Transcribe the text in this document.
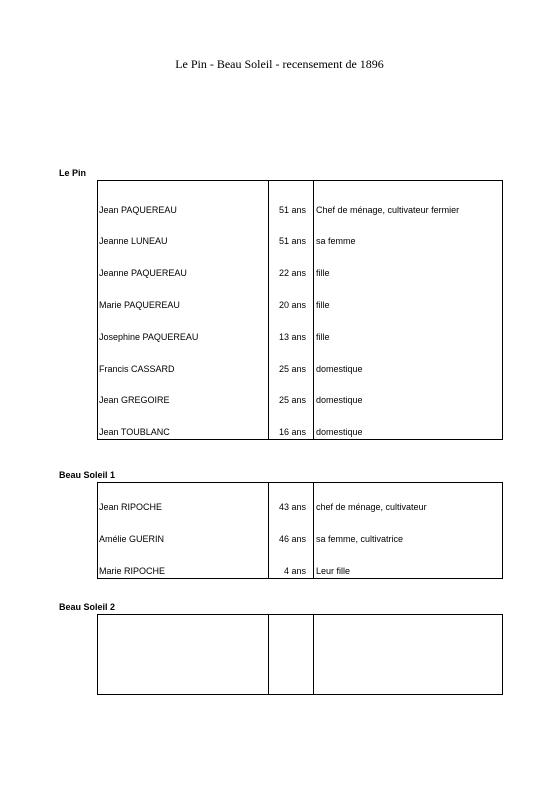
Le Pin - Beau Soleil - recensement de 1896
Le Pin
Jean PAQUEREAU	51 ans Chef de ménage, cultivateur fermier
Jeanne LUNEAU	51 ans sa femme
Jeanne PAQUEREAU	22 ans fille
Marie PAQUEREAU	20 ans fille
Josephine PAQUEREAU	13 ans fille
Francis CASSARD	25 ans domestique
Jean GREGOIRE	25 ans domestique
Jean TOUBLANC	16 ans domestique
Beau Soleil 1
Jean RIPOCHE	43 ans chef de ménage, cultivateur
Amélie GUERIN	46 ans sa femme, cultivatrice
Marie RIPOCHE	4 ans Leur fille
Beau Soleil 2
